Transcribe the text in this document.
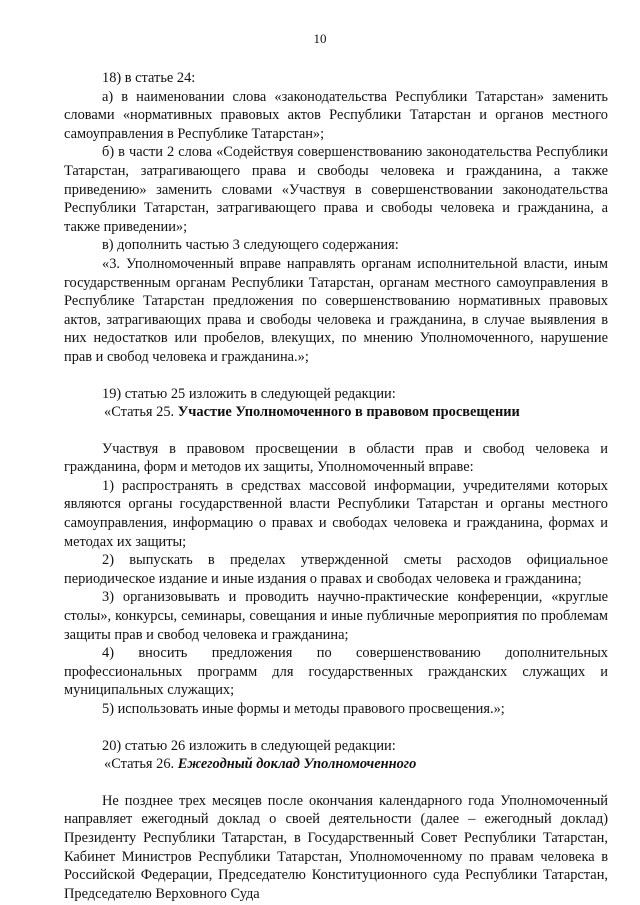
10

18) в статье 24:

а) в наименовании слова «законодательства Республики Татарстан» заменить словами «нормативных правовых актов Республики Татарстан и органов местного самоуправления в Республике Татарстан»;

б) в части 2 слова «Содействуя совершенствованию законодательства Республики Татарстан, затрагивающего права и свободы человека и гражданина, а также приведению» заменить словами «Участвуя в совершенствовании законодательства Республики Татарстан, затрагивающего права и свободы человека и гражданина, а также приведении»;

в) дополнить частью 3 следующего содержания:

«3. Уполномоченный вправе направлять органам исполнительной власти, иным государственным органам Республики Татарстан, органам местного самоуправления в Республике Татарстан предложения по совершенствованию нормативных правовых актов, затрагивающих права и свободы человека и гражданина, в случае выявления в них недостатков или пробелов, влекущих, по мнению Уполномоченного, нарушение прав и свобод человека и гражданина.»;

19) статью 25 изложить в следующей редакции:

«Статья 25. Участие Уполномоченного в правовом просвещении

Участвуя в правовом просвещении в области прав и свобод человека и гражданина, форм и методов их защиты, Уполномоченный вправе:

1) распространять в средствах массовой информации, учредителями которых являются органы государственной власти Республики Татарстан и органы местного самоуправления, информацию о правах и свободах человека и гражданина, формах и методах их защиты;

2) выпускать в пределах утвержденной сметы расходов официальное периодическое издание и иные издания о правах и свободах человека и гражданина;

3) организовывать и проводить научно-практические конференции, «круглые столы», конкурсы, семинары, совещания и иные публичные мероприятия по проблемам защиты прав и свобод человека и гражданина;

4) вносить предложения по совершенствованию дополнительных профессиональных программ для государственных гражданских служащих и муниципальных служащих;

5) использовать иные формы и методы правового просвещения.»;

20) статью 26 изложить в следующей редакции:

«Статья 26. Ежегодный доклад Уполномоченного

Не позднее трех месяцев после окончания календарного года Уполномоченный направляет ежегодный доклад о своей деятельности (далее – ежегодный доклад) Президенту Республики Татарстан, в Государственный Совет Республики Татарстан, Кабинет Министров Республики Татарстан, Уполномоченному по правам человека в Российской Федерации, Председателю Конституционного суда Республики Татарстан, Председателю Верховного Суда
